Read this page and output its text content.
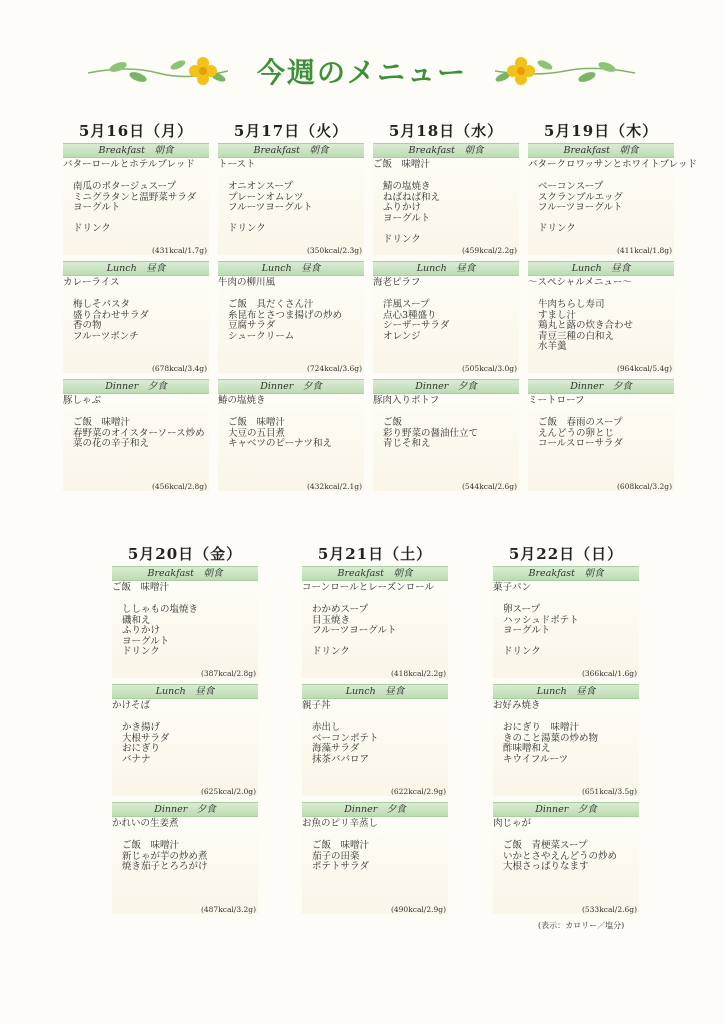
今週のメニュー
5月16日（月）
Breakfast　朝食
バターロールとホテルブレッド
南瓜のポタージュスープ
ミニグラタンと温野菜サラダ
ヨーグルト
ドリンク
(431kcal/1.7g)
Lunch　昼食
カレーライス
梅しそパスタ
盛り合わせサラダ
香の物
フルーツポンチ
(678kcal/3.4g)
Dinner　夕食
豚しゃぶ
ご飯　味噌汁
春野菜のオイスターソース炒め
菜の花の辛子和え
(456kcal/2.8g)
5月17日（火）
Breakfast　朝食
トースト
オニオンスープ
プレーンオムレツ
フルーツヨーグルト
ドリンク
(350kcal/2.3g)
Lunch　昼食
牛肉の柳川風
ご飯　具だくさん汁
糸昆布とさつま揚げの炒め
豆腐サラダ
シュークリーム
(724kcal/3.6g)
Dinner　夕食
鰆の塩焼き
ご飯　味噌汁
大豆の五目煮
キャベツのピーナツ和え
(432kcal/2.1g)
5月18日（水）
Breakfast　朝食
ご飯　味噌汁
鯖の塩焼き
ねばねば和え
ふりかけ
ヨーグルト
ドリンク
(459kcal/2.2g)
Lunch　昼食
海老ピラフ
洋風スープ
点心3種盛り
シーザーサラダ
オレンジ
(505kcal/3.0g)
Dinner　夕食
豚肉入りポトフ
ご飯
彩り野菜の醤油仕立て
青じそ和え
(544kcal/2.6g)
5月19日（木）
Breakfast　朝食
バタークロワッサンとホワイトブレッド
ベーコンスープ
スクランブルエッグ
フルーツヨーグルト
ドリンク
(411kcal/1.8g)
Lunch　昼食
～スペシャルメニュー～
牛肉ちらし寿司
すまし汁
鶏丸と蕗の炊き合わせ
青豆三種の白和え
水羊羹
(964kcal/5.4g)
Dinner　夕食
ミートローフ
ご飯　春雨のスープ
えんどうの卵とじ
コールスローサラダ
(608kcal/3.2g)
5月20日（金）
Breakfast　朝食
ご飯　味噌汁
ししゃもの塩焼き
磯和え
ふりかけ
ヨーグルト
ドリンク
(387kcal/2.8g)
Lunch　昼食
かけそば
かき揚げ
大根サラダ
おにぎり
バナナ
(625kcal/2.0g)
Dinner　夕食
かれいの生姜煮
ご飯　味噌汁
新じゃが芋の炒め煮
焼き茄子とろろがけ
(487kcal/3.2g)
5月21日（土）
Breakfast　朝食
コーンロールとレーズンロール
わかめスープ
目玉焼き
フルーツヨーグルト
ドリンク
(418kcal/2.2g)
Lunch　昼食
親子丼
赤出し
ベーコンポテト
海藻サラダ
抹茶ババロア
(622kcal/2.9g)
Dinner　夕食
お魚のピリ辛蒸し
ご飯　味噌汁
茄子の田楽
ポテトサラダ
(490kcal/2.9g)
5月22日（日）
Breakfast　朝食
菓子パン
卵スープ
ハッシュドポテト
ヨーグルト
ドリンク
(366kcal/1.6g)
Lunch　昼食
お好み焼き
おにぎり　味噌汁
きのこと湯葉の炒め物
酢味噌和え
キウイフルーツ
(651kcal/3.5g)
Dinner　夕食
肉じゃが
ご飯　青梗菜スープ
いかとさやえんどうの炒め
大根さっぱりなます
(533kcal/2.6g)
(表示：カロリー／塩分)
